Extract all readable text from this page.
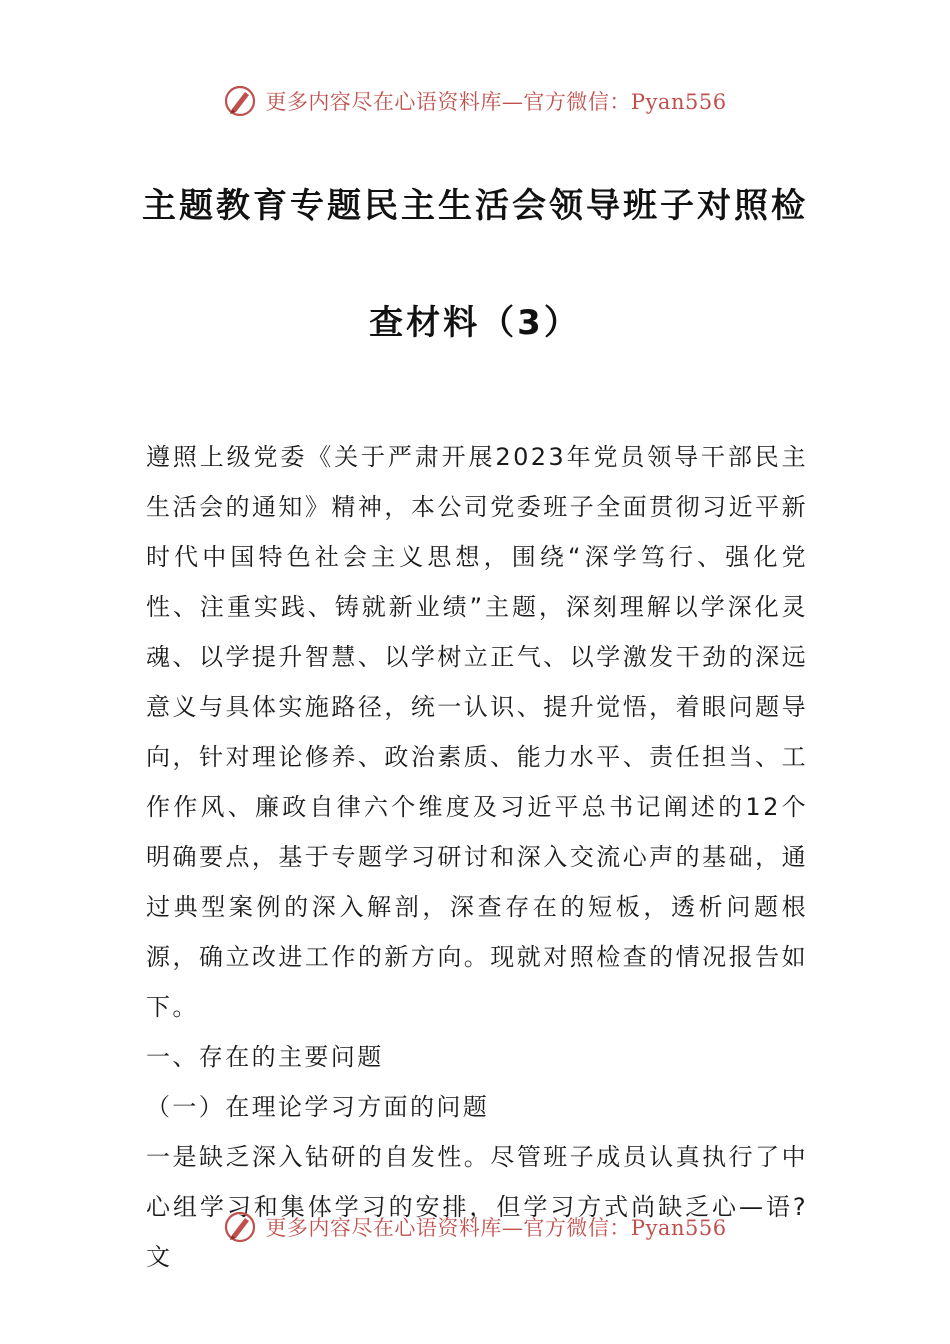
更多内容尽在心语资料库—官方微信：Pyan556
主题教育专题民主生活会领导班子对照检
查材料（3）

遵照上级党委《关于严肃开展2023年党员领导干部民主生活会的通知》精神，本公司党委班子全面贯彻习近平新时代中国特色社会主义思想，围绕“深学笃行、强化党性、注重实践、铸就新业绩”主题，深刻理解以学深化灵魂、以学提升智慧、以学树立正气、以学激发干劲的深远意义与具体实施路径，统一认识、提升觉悟，着眼问题导向，针对理论修养、政治素质、能力水平、责任担当、工作作风、廉政自律六个维度及习近平总书记阐述的12个明确要点，基于专题学习研讨和深入交流心声的基础，通过典型案例的深入解剖，深查存在的短板，透析问题根源，确立改进工作的新方向。现就对照检查的情况报告如下。

一、存在的主要问题

（一）在理论学习方面的问题

一是缺乏深入钻研的自发性。尽管班子成员认真执行了中心组学习和集体学习的安排，但学习方式尚缺乏心—语?文

更多内容尽在心语资料库—官方微信：Pyan556
